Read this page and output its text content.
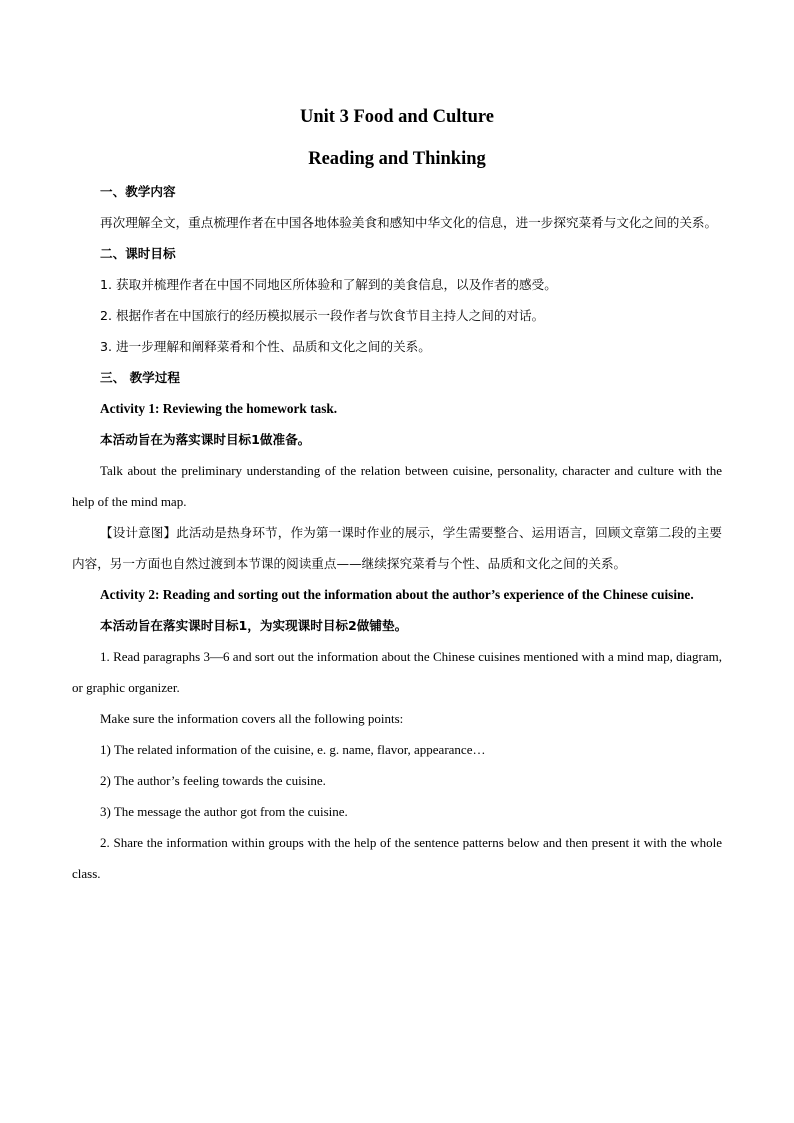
Unit 3 Food and Culture
Reading and Thinking

一、教学内容

再次理解全文，重点梳理作者在中国各地体验美食和感知中华文化的信息，进一步探究菜肴与文化之间的关系。

二、课时目标

1. 获取并梳理作者在中国不同地区所体验和了解到的美食信息，以及作者的感受。

2. 根据作者在中国旅行的经历模拟展示一段作者与饮食节目主持人之间的对话。

3. 进一步理解和阐释菜肴和个性、品质和文化之间的关系。

三、 教学过程

Activity 1: Reviewing the homework task.

本活动旨在为落实课时目标1做准备。

Talk about the preliminary understanding of the relation between cuisine, personality, character and culture with the help of the mind map.

【设计意图】此活动是热身环节，作为第一课时作业的展示，学生需要整合、运用语言，回顾文章第二段的主要内容，另一方面也自然过渡到本节课的阅读重点——继续探究菜肴与个性、品质和文化之间的关系。

Activity 2: Reading and sorting out the information about the author’s experience of the Chinese cuisine.

本活动旨在落实课时目标1，为实现课时目标2做铺垫。

1. Read paragraphs 3—6 and sort out the information about the Chinese cuisines mentioned with a mind map, diagram, or graphic organizer.

Make sure the information covers all the following points:

1) The related information of the cuisine, e. g. name, flavor, appearance…

2) The author’s feeling towards the cuisine.

3) The message the author got from the cuisine.

2. Share the information within groups with the help of the sentence patterns below and then present it with the whole class.
